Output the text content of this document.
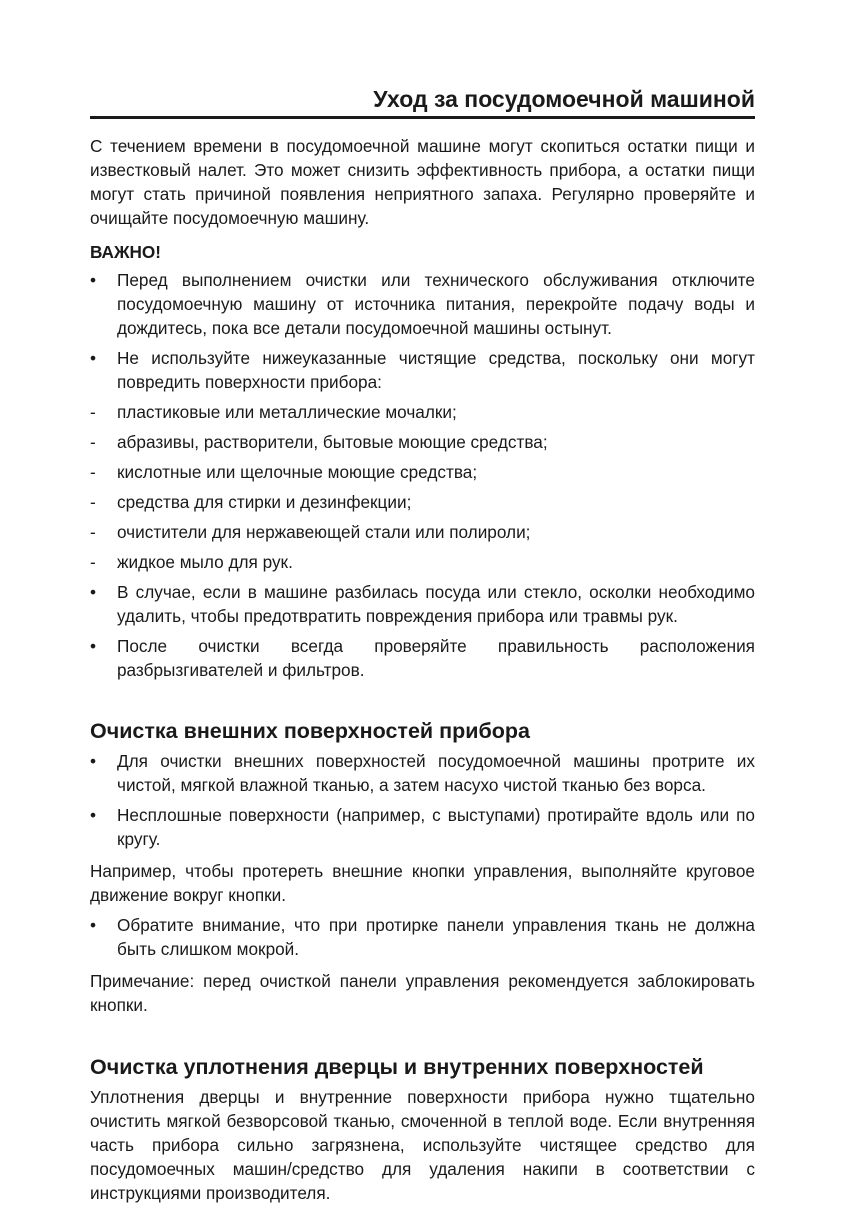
Уход за посудомоечной машиной

С течением времени в посудомоечной машине могут скопиться остатки пищи и известковый налет. Это может снизить эффективность прибора, а остатки пищи могут стать причиной появления неприятного запаха. Регулярно проверяйте и очищайте посудомоечную машину.

ВАЖНО!
• Перед выполнением очистки или технического обслуживания отключите посудомоечную машину от источника питания, перекройте подачу воды и дождитесь, пока все детали посудомоечной машины остынут.
• Не используйте нижеуказанные чистящие средства, поскольку они могут повредить поверхности прибора:
- пластиковые или металлические мочалки;
- абразивы, растворители, бытовые моющие средства;
- кислотные или щелочные моющие средства;
- средства для стирки и дезинфекции;
- очистители для нержавеющей стали или полироли;
- жидкое мыло для рук.
• В случае, если в машине разбилась посуда или стекло, осколки необходимо удалить, чтобы предотвратить повреждения прибора или травмы рук.
• После очистки всегда проверяйте правильность расположения разбрызгивателей и фильтров.
Очистка внешних поверхностей прибора
• Для очистки внешних поверхностей посудомоечной машины протрите их чистой, мягкой влажной тканью, а затем насухо чистой тканью без ворса.
• Несплошные поверхности (например, с выступами) протирайте вдоль или по кругу.

Например, чтобы протереть внешние кнопки управления, выполняйте круговое движение вокруг кнопки.

• Обратите внимание, что при протирке панели управления ткань не должна быть слишком мокрой.

Примечание: перед очисткой панели управления рекомендуется заблокировать кнопки.

Очистка уплотнения дверцы и внутренних поверхностей

Уплотнения дверцы и внутренние поверхности прибора нужно тщательно очистить мягкой безворсовой тканью, смоченной в теплой воде. Если внутренняя часть прибора сильно загрязнена, используйте чистящее средство для посудомоечных машин/средство для удаления накипи в соответствии с инструкциями производителя.
